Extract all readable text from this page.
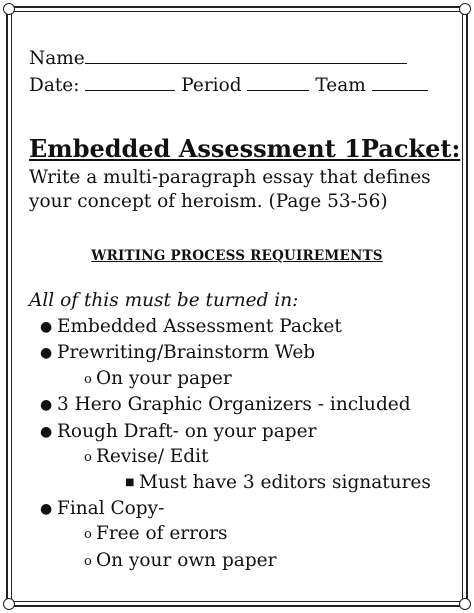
Name
Date:	Period	Team
Embedded Assessment 1Packet:
Write a multi-paragraph essay that defines
your concept of heroism. (Page 53-56)
WRITING PROCESS REQUIREMENTS
All of this must be turned in:
● Embedded Assessment Packet
● Prewriting/Brainstorm Web
o On your paper
● 3 Hero Graphic Organizers - included
● Rough Draft- on your paper
o Revise/ Edit
■ Must have 3 editors signatures
● Final Copy-
o Free of errors
o On your own paper
